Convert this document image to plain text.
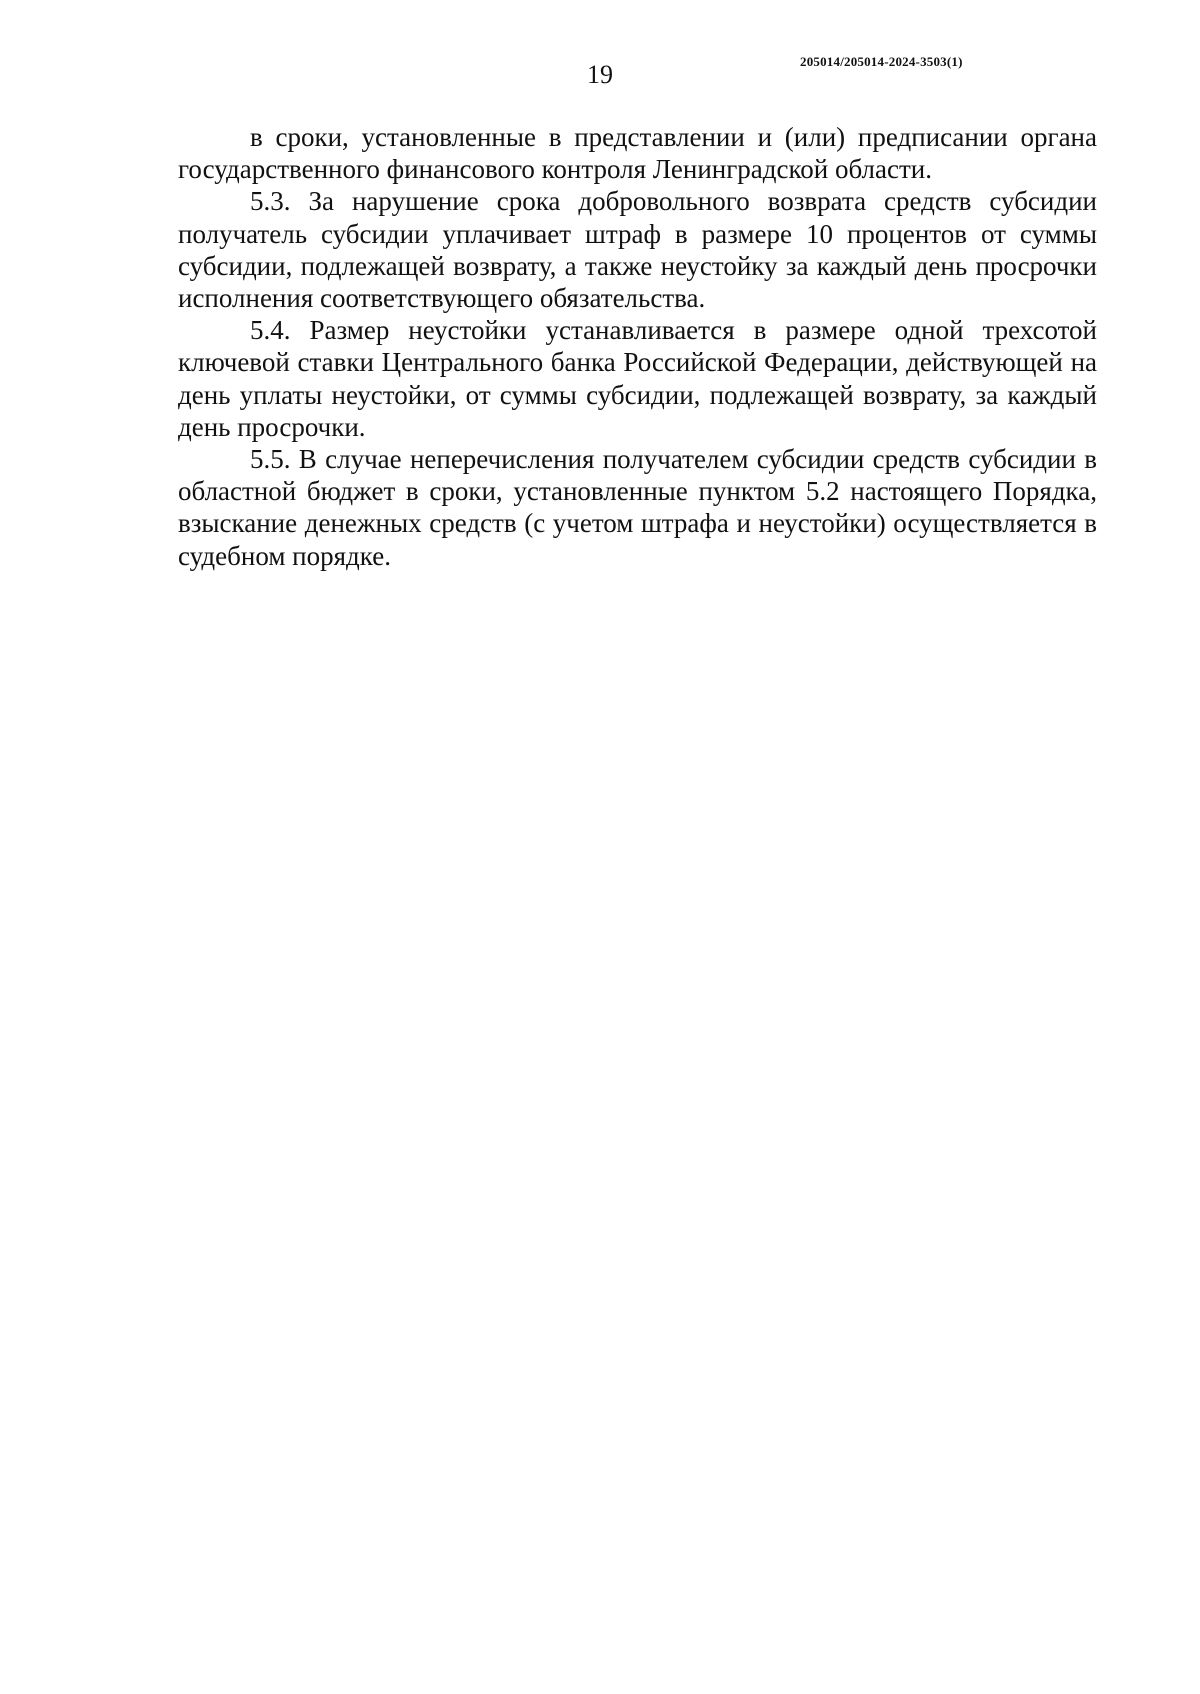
19	205014/205014-2024-3503(1)

в сроки, установленные в представлении и (или) предписании органа государственного финансового контроля Ленинградской области.

5.3. За нарушение срока добровольного возврата средств субсидии получатель субсидии уплачивает штраф в размере 10 процентов от суммы субсидии, подлежащей возврату, а также неустойку за каждый день просрочки исполнения соответствующего обязательства.

5.4. Размер неустойки устанавливается в размере одной трехсотой ключевой ставки Центрального банка Российской Федерации, действующей на день уплаты неустойки, от суммы субсидии, подлежащей возврату, за каждый день просрочки.

5.5. В случае неперечисления получателем субсидии средств субсидии в областной бюджет в сроки, установленные пунктом 5.2 настоящего Порядка, взыскание денежных средств (с учетом штрафа и неустойки) осуществляется в судебном порядке.
